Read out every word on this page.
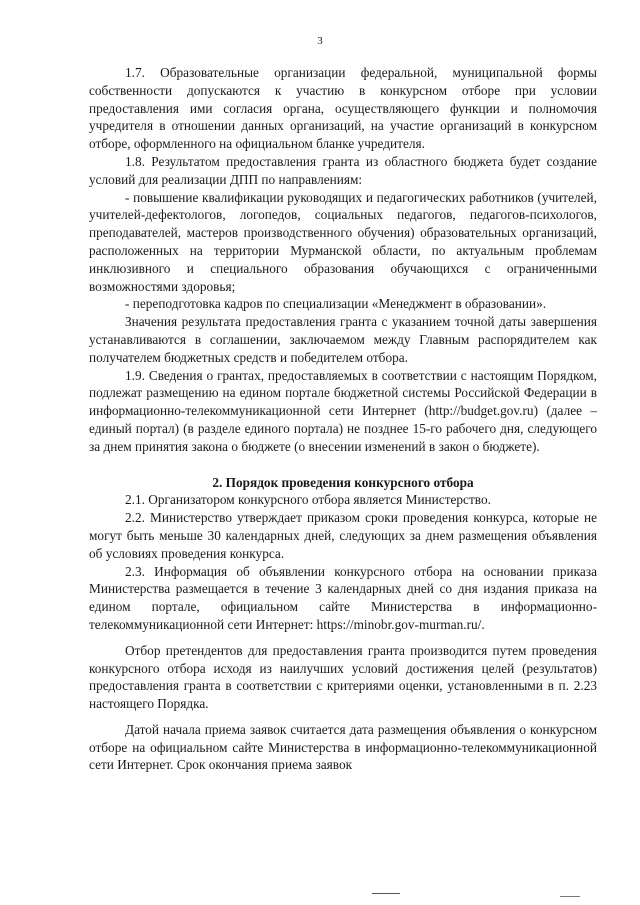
3

1.7. Образовательные организации федеральной, муниципальной формы собственности допускаются к участию в конкурсном отборе при условии предоставления ими согласия органа, осуществляющего функции и полномочия учредителя в отношении данных организаций, на участие организаций в конкурсном отборе, оформленного на официальном бланке учредителя.

1.8. Результатом предоставления гранта из областного бюджета будет создание условий для реализации ДПП по направлениям:

- повышение квалификации руководящих и педагогических работников (учителей, учителей-дефектологов, логопедов, социальных педагогов, педагогов-психологов, преподавателей, мастеров производственного обучения) образовательных организаций, расположенных на территории Мурманской области, по актуальным проблемам инклюзивного и специального образования обучающихся с ограниченными возможностями здоровья;

- переподготовка кадров по специализации «Менеджмент в образовании».

Значения результата предоставления гранта с указанием точной даты завершения устанавливаются в соглашении, заключаемом между Главным распорядителем как получателем бюджетных средств и победителем отбора.

1.9. Сведения о грантах, предоставляемых в соответствии с настоящим Порядком, подлежат размещению на едином портале бюджетной системы Российской Федерации в информационно-телекоммуникационной сети Интернет (http://budget.gov.ru) (далее – единый портал) (в разделе единого портала) не позднее 15-го рабочего дня, следующего за днем принятия закона о бюджете (о внесении изменений в закон о бюджете).

2. Порядок проведения конкурсного отбора

2.1. Организатором конкурсного отбора является Министерство.

2.2. Министерство утверждает приказом сроки проведения конкурса, которые не могут быть меньше 30 календарных дней, следующих за днем размещения объявления об условиях проведения конкурса.

2.3. Информация об объявлении конкурсного отбора на основании приказа Министерства размещается в течение 3 календарных дней со дня издания приказа на едином портале, официальном сайте Министерства в информационно-телекоммуникационной сети Интернет: https://minobr.gov-murman.ru/.

Отбор претендентов для предоставления гранта производится путем проведения конкурсного отбора исходя из наилучших условий достижения целей (результатов) предоставления гранта в соответствии с критериями оценки, установленными в п. 2.23 настоящего Порядка.

Датой начала приема заявок считается дата размещения объявления о конкурсном отборе на официальном сайте Министерства в информационно-телекоммуникационной сети Интернет. Срок окончания приема заявок
